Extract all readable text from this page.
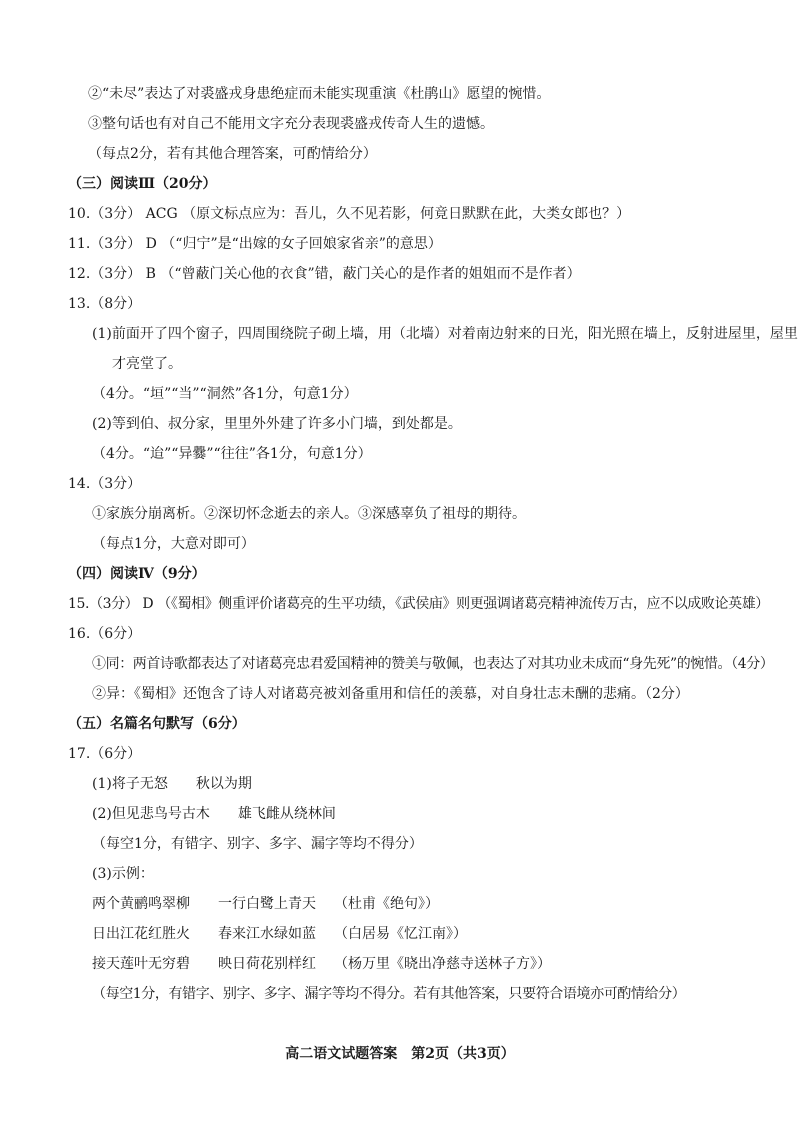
②“未尽”表达了对裘盛戎身患绝症而未能实现重演《杜鹃山》愿望的惋惜。

③整句话也有对自己不能用文字充分表现裘盛戎传奇人生的遗憾。

（每点2分，若有其他合理答案，可酌情给分）

（三）阅读Ⅲ（20分）

10.（3分） ACG （原文标点应为：吾儿，久不见若影，何竟日默默在此，大类女郎也？）

11.（3分） D （“归宁”是“出嫁的女子回娘家省亲”的意思）

12.（3分） B （“曾蔽门关心他的衣食”错，蔽门关心的是作者的姐姐而不是作者）

13.（8分）

(1)前面开了四个窗子，四周围绕院子砌上墙，用（北墙）对着南边射来的日光，阳光照在墙上，反射进屋里，屋里

才亮堂了。

（4分。“垣”“当”“洞然”各1分，句意1分）

(2)等到伯、叔分家，里里外外建了许多小门墙，到处都是。

（4分。“迨”“异爨”“往往”各1分，句意1分）

14.（3分）

①家族分崩离析。②深切怀念逝去的亲人。③深感辜负了祖母的期待。

（每点1分，大意对即可）

（四）阅读Ⅳ（9分）

15.（3分） D （《蜀相》侧重评价诸葛亮的生平功绩，《武侯庙》则更强调诸葛亮精神流传万古，应不以成败论英雄）

16.（6分）

①同：两首诗歌都表达了对诸葛亮忠君爱国精神的赞美与敬佩，也表达了对其功业未成而“身先死”的惋惜。（4分）

②异：《蜀相》还饱含了诗人对诸葛亮被刘备重用和信任的羡慕，对自身壮志未酬的悲痛。（2分）

（五）名篇名句默写（6分）

17.（6分）

(1)将子无怒 秋以为期

(2)但见悲鸟号古木 雄飞雌从绕林间

（每空1分，有错字、别字、多字、漏字等均不得分）

(3)示例：

两个黄鹂鸣翠柳 一行白鹭上青天 （杜甫《绝句》）

日出江花红胜火 春来江水绿如蓝 （白居易《忆江南》）

接天莲叶无穷碧 映日荷花别样红 （杨万里《晓出净慈寺送林子方》）

（每空1分，有错字、别字、多字、漏字等均不得分。若有其他答案，只要符合语境亦可酌情给分）

高二语文试题答案　第2页（共3页）
